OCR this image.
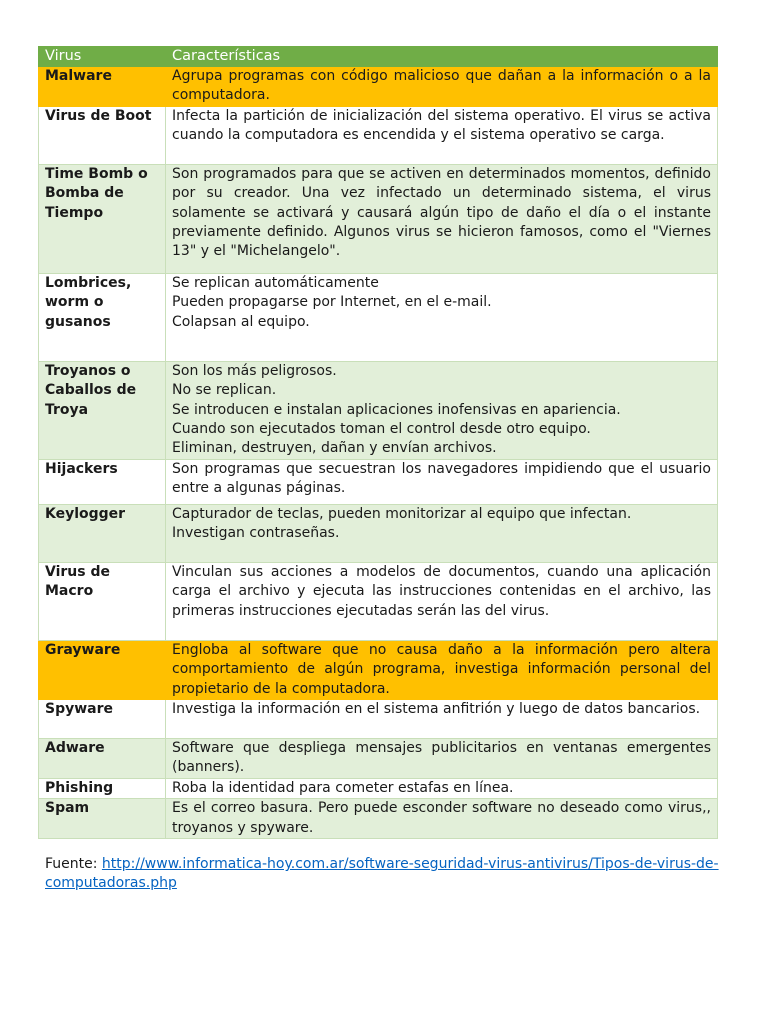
Virus	Características
Malware	Agrupa programas con código malicioso que dañan a la información o a la computadora.
Virus de Boot	Infecta la partición de inicialización del sistema operativo. El virus se activa cuando la computadora es encendida y el sistema operativo se carga.
Time Bomb o Bomba de Tiempo	Son programados para que se activen en determinados momentos, definido por su creador. Una vez infectado un determinado sistema, el virus solamente se activará y causará algún tipo de daño el día o el instante previamente definido. Algunos virus se hicieron famosos, como el "Viernes 13" y el "Michelangelo".
Lombrices, worm o gusanos	Se replican automáticamente
Pueden propagarse por Internet, en el e-mail.
Colapsan al equipo.

Troyanos o Caballos de Troya	Son los más peligrosos.
No se replican.
Se introducen e instalan aplicaciones inofensivas en apariencia.
Cuando son ejecutados toman el control desde otro equipo.
Eliminan, destruyen, dañan y envían archivos.

Hijackers	Son programas que secuestran los navegadores impidiendo que el usuario entre a algunas páginas.
Keylogger	Capturador de teclas, pueden monitorizar al equipo que infectan.
Investigan contraseñas.

Virus de Macro	Vinculan sus acciones a modelos de documentos, cuando una aplicación carga el archivo y ejecuta las instrucciones contenidas en el archivo, las primeras instrucciones ejecutadas serán las del virus.
Grayware	Engloba al software que no causa daño a la información pero altera comportamiento de algún programa, investiga información personal del propietario de la computadora.
Spyware	Investiga la información en el sistema anfitrión y luego de datos bancarios.
Adware	Software que despliega mensajes publicitarios en ventanas emergentes (banners).
Phishing	Roba la identidad para cometer estafas en línea.
Spam	Es el correo basura. Pero puede esconder software no deseado como virus,, troyanos y spyware.
Fuente: http://www.informatica-hoy.com.ar/software-seguridad-virus-antivirus/Tipos-de-virus-de-computadoras.php
